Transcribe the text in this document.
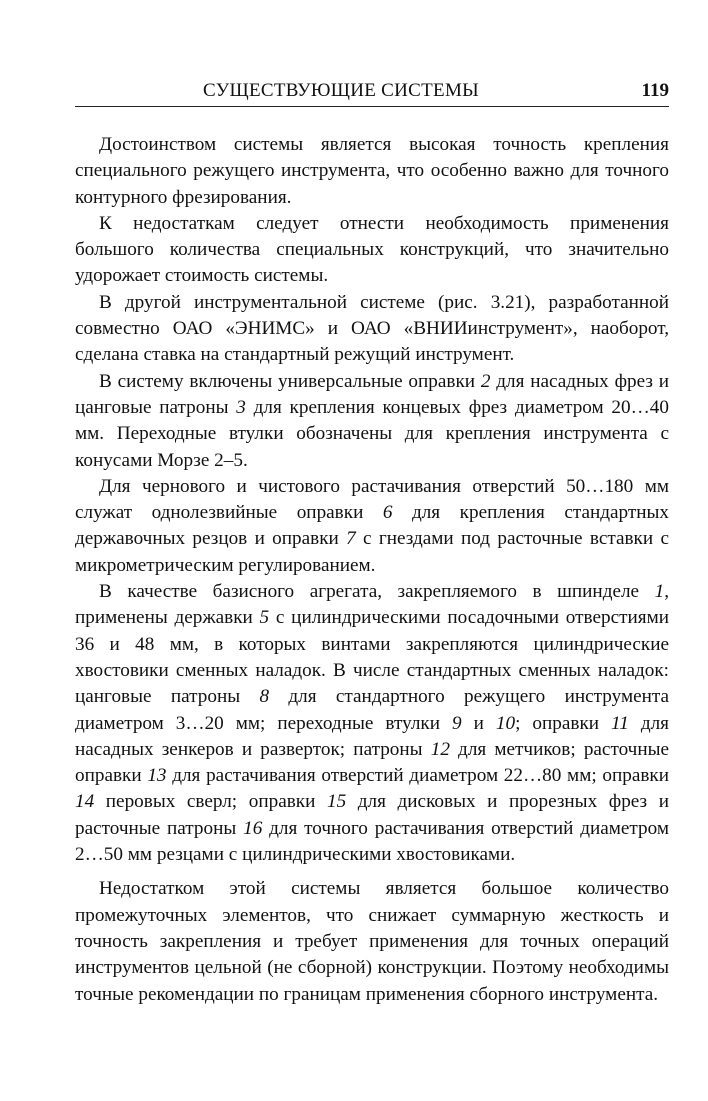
СУЩЕСТВУЮЩИЕ СИСТЕМЫ	119

Достоинством системы является высокая точность крепления специального режущего инструмента, что особенно важно для точного контурного фрезирования.

К недостаткам следует отнести необходимость применения большого количества специальных конструкций, что значительно удорожает стоимость системы.

В другой инструментальной системе (рис. 3.21), разработанной совместно ОАО «ЭНИМС» и ОАО «ВНИИинструмент», наоборот, сделана ставка на стандартный режущий инструмент.

В систему включены универсальные оправки 2 для насадных фрез и цанговые патроны 3 для крепления концевых фрез диаметром 20…40 мм. Переходные втулки обозначены для крепления инструмента с конусами Морзе 2–5.

Для чернового и чистового растачивания отверстий 50…180 мм служат однолезвийные оправки 6 для крепления стандартных державочных резцов и оправки 7 с гнездами под расточные вставки с микрометрическим регулированием.

В качестве базисного агрегата, закрепляемого в шпинделе 1, применены державки 5 с цилиндрическими посадочными отверстиями 36 и 48 мм, в которых винтами закрепляются цилиндрические хвостовики сменных наладок. В числе стандартных сменных наладок: цанговые патроны 8 для стандартного режущего инструмента диаметром 3…20 мм; переходные втулки 9 и 10; оправки 11 для насадных зенкеров и разверток; патроны 12 для метчиков; расточные оправки 13 для растачивания отверстий диаметром 22…80 мм; оправки 14 перовых сверл; оправки 15 для дисковых и прорезных фрез и расточные патроны 16 для точного растачивания отверстий диаметром 2…50 мм резцами с цилиндрическими хвостовиками.

Недостатком этой системы является большое количество промежуточных элементов, что снижает суммарную жесткость и точность закрепления и требует применения для точных операций инструментов цельной (не сборной) конструкции. Поэтому необходимы точные рекомендации по границам применения сборного инструмента.
